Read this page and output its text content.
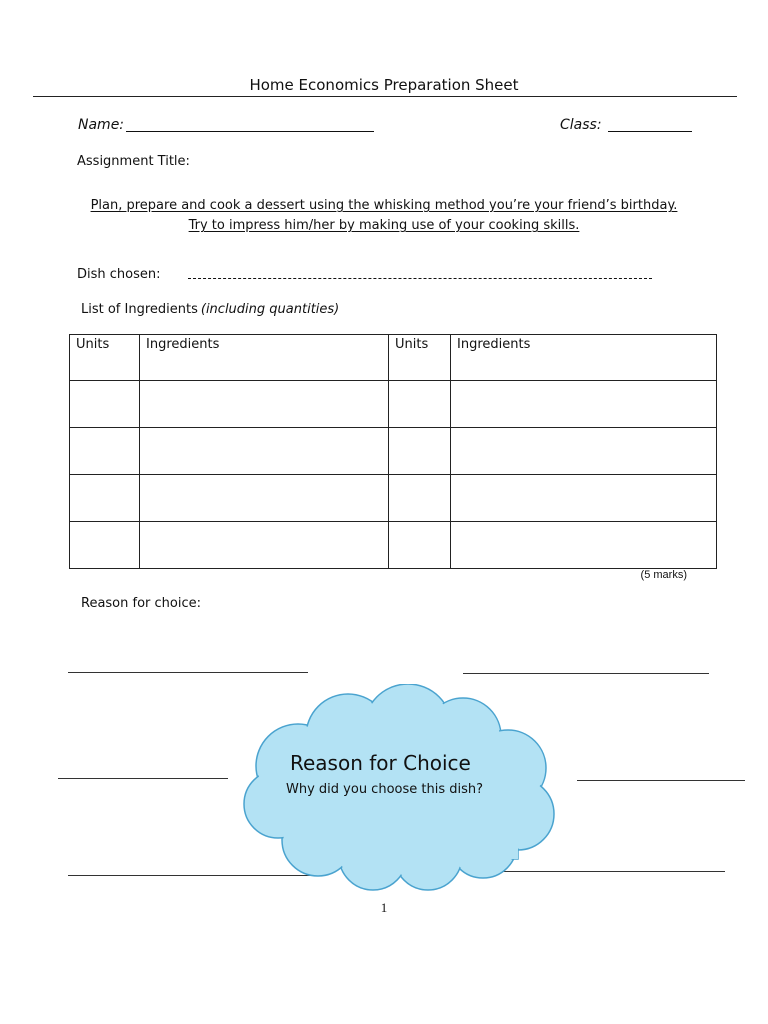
Home Economics Preparation Sheet
Name:	Class:
Assignment Title:
Plan, prepare and cook a dessert using the whisking method you’re your friend’s birthday.
Try to impress him/her by making use of your cooking skills.
Dish chosen:
List of Ingredients (including quantities)
Units	Ingredients	Units	Ingredients

(5 marks)
Reason for choice:
Reason for Choice
Why did you choose this dish?
1
